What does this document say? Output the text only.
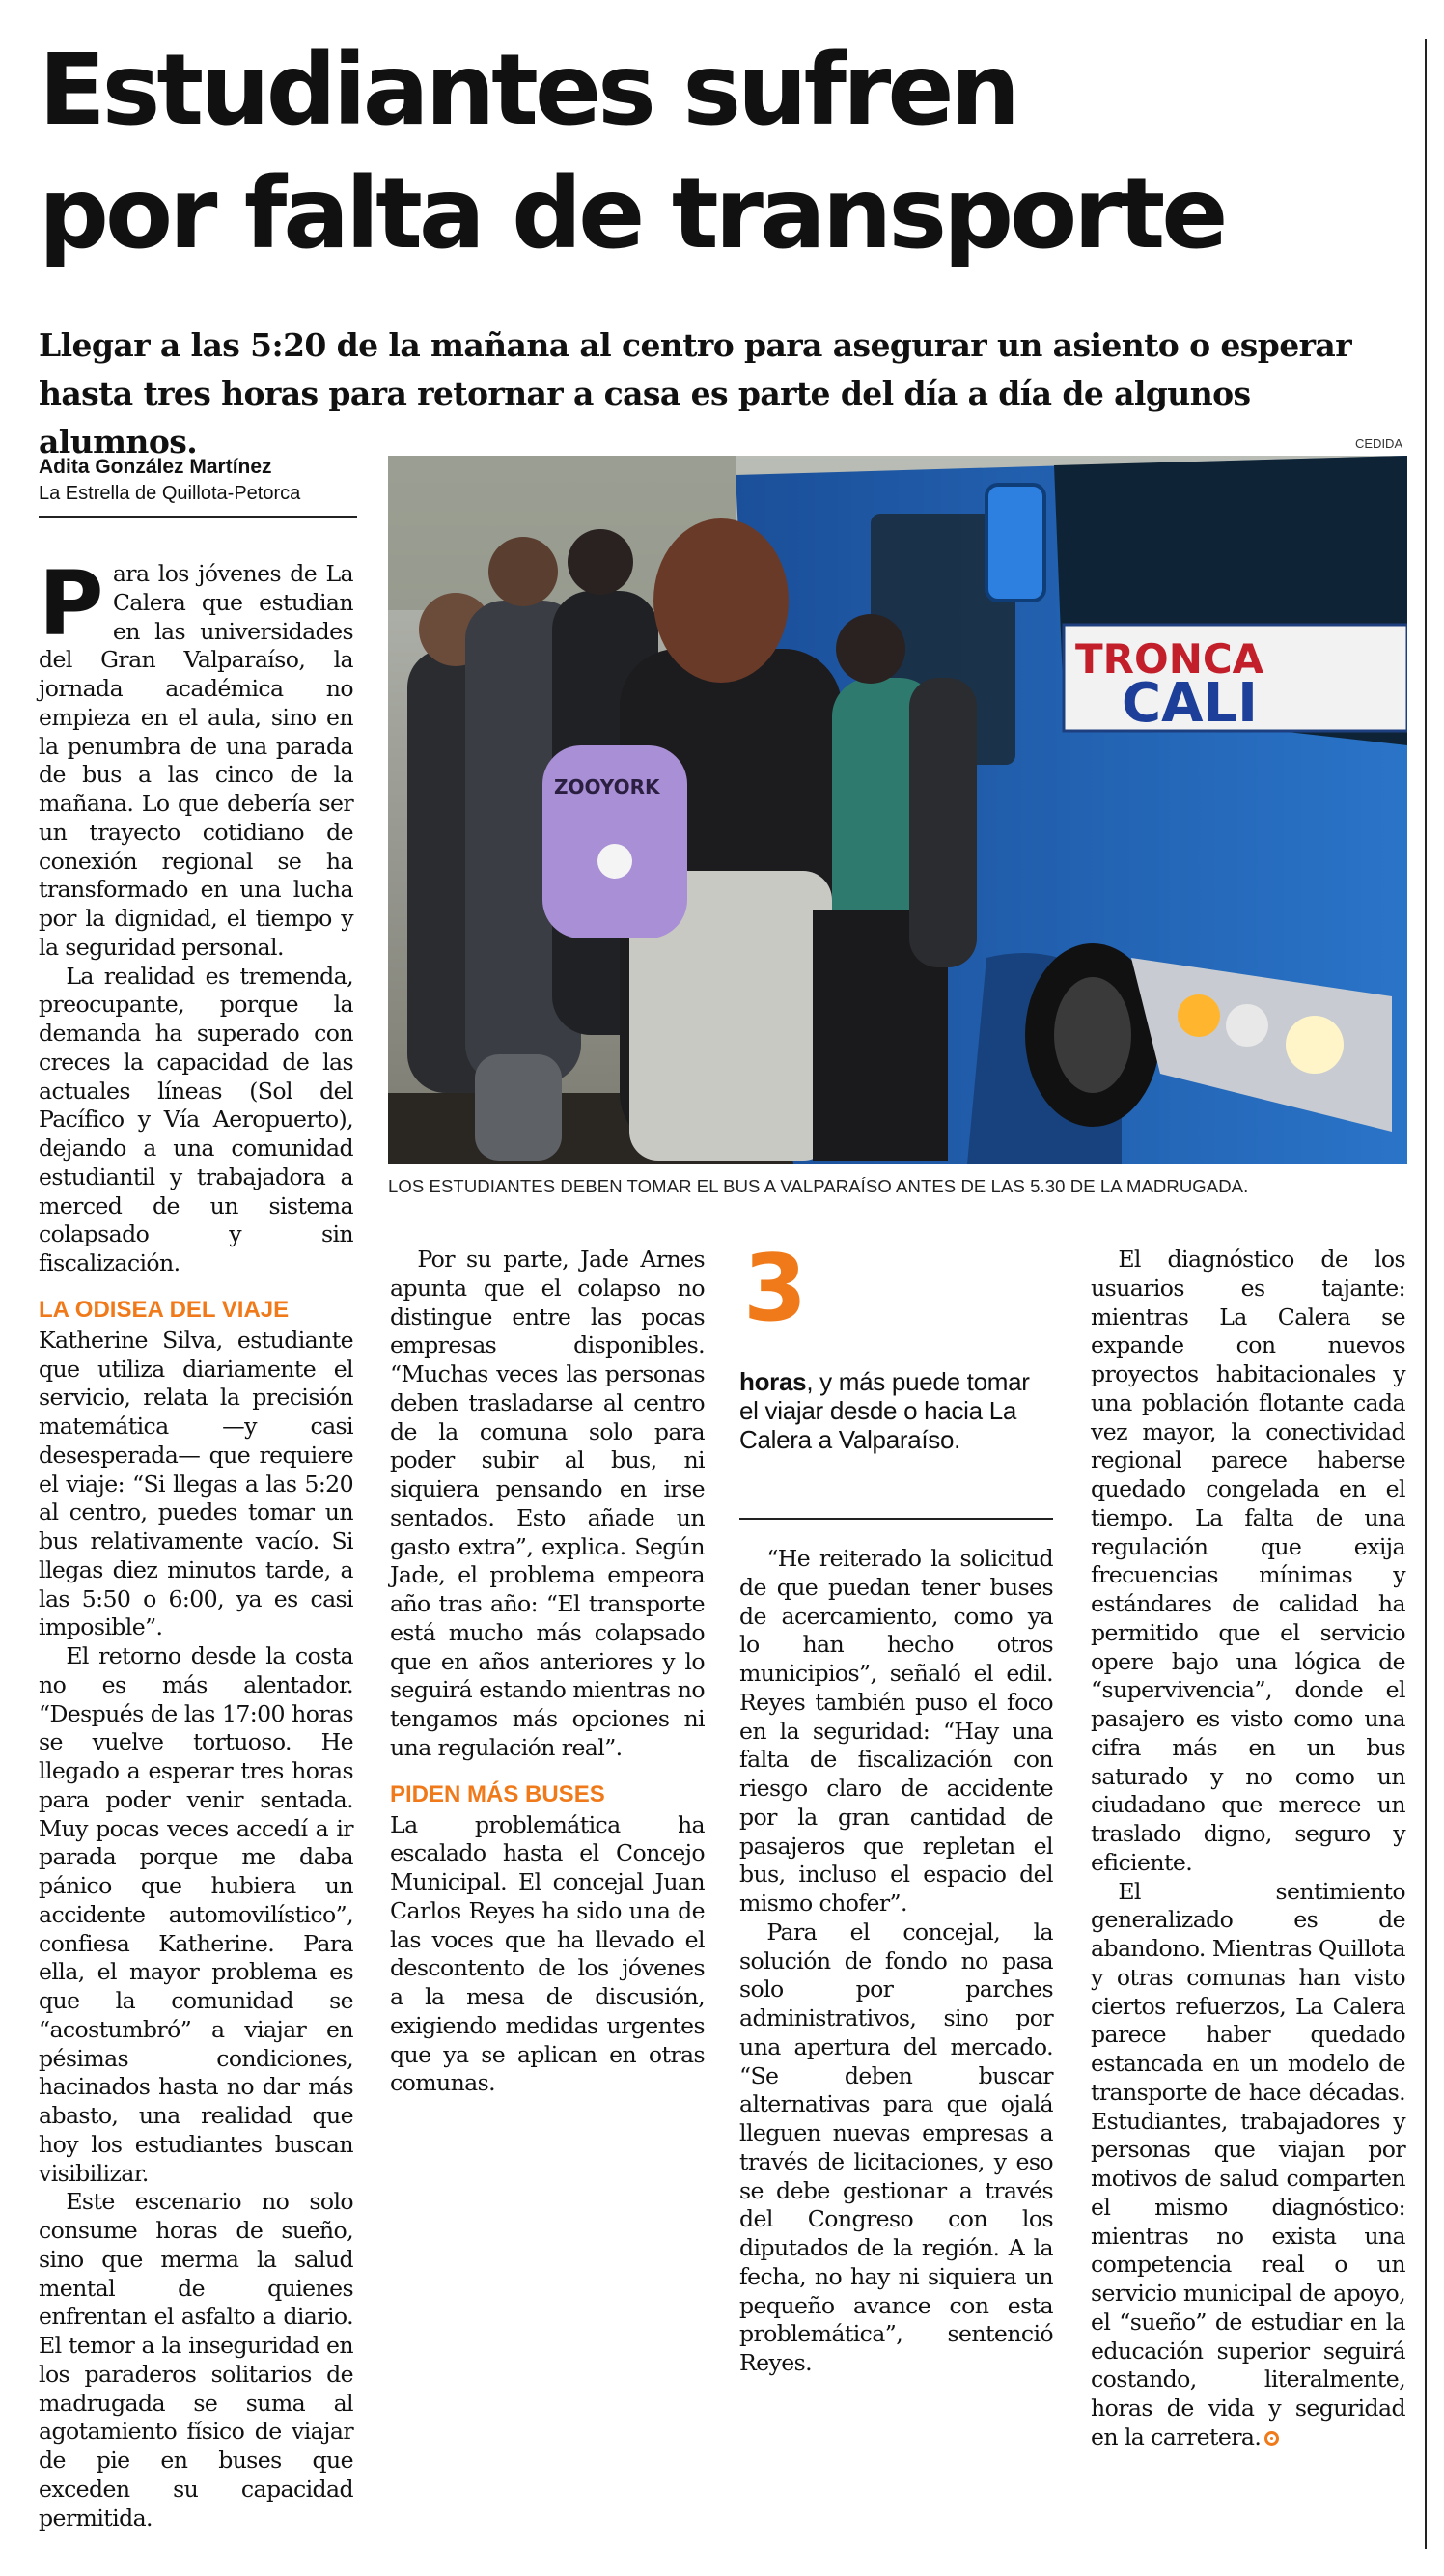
Estudiantes sufren
por falta de transporte

Llegar a las 5:20 de la mañana al centro para asegurar un asiento o esperar hasta tres horas para retornar a casa es parte del día a día de algunos alumnos.

Adita González Martínez
La Estrella de Quillota-Petorca
CEDIDA
TRONCA
CALI
ZOOYORK
LOS ESTUDIANTES DEBEN TOMAR EL BUS A VALPARAÍSO ANTES DE LAS 5.30 DE LA MADRUGADA.

Para los jóvenes de La Calera que estudian en las universidades del Gran Valparaíso, la jornada académica no empieza en el aula, sino en la penumbra de una parada de bus a las cinco de la mañana. Lo que debería ser un trayecto cotidiano de conexión regional se ha transformado en una lucha por la dignidad, el tiempo y la seguridad personal.

La realidad es tremenda, preocupante, porque la demanda ha superado con creces la capacidad de las actuales líneas (Sol del Pacífico y Vía Aeropuerto), dejando a una comunidad estudiantil y trabajadora a merced de un sistema colapsado y sin fiscalización.

LA ODISEA DEL VIAJE

Katherine Silva, estudiante que utiliza diariamente el servicio, relata la precisión matemática —y casi desesperada— que requiere el viaje: “Si llegas a las 5:20 al centro, puedes tomar un bus relativamente vacío. Si llegas diez minutos tarde, a las 5:50 o 6:00, ya es casi imposible”.

El retorno desde la costa no es más alentador. “Después de las 17:00 horas se vuelve tortuoso. He llegado a esperar tres horas para poder venir sentada. Muy pocas veces accedí a ir parada porque me daba pánico que hubiera un accidente automovilístico”, confiesa Katherine. Para ella, el mayor problema es que la comunidad se “acostumbró” a viajar en pésimas condiciones, hacinados hasta no dar más abasto, una realidad que hoy los estudiantes buscan visibilizar.

Este escenario no solo consume horas de sueño, sino que merma la salud mental de quienes enfrentan el asfalto a diario. El temor a la inseguridad en los paraderos solitarios de madrugada se suma al agotamiento físico de viajar de pie en buses que exceden su capacidad permitida.

Por su parte, Jade Arnes apunta que el colapso no distingue entre las pocas empresas disponibles. “Muchas veces las personas deben trasladarse al centro de la comuna solo para poder subir al bus, ni siquiera pensando en irse sentados. Esto añade un gasto extra”, explica. Según Jade, el problema empeora año tras año: “El transporte está mucho más colapsado que en años anteriores y lo seguirá estando mientras no tengamos más opciones ni una regulación real”.

PIDEN MÁS BUSES

La problemática ha escalado hasta el Concejo Municipal. El concejal Juan Carlos Reyes ha sido una de las voces que ha llevado el descontento de los jóvenes a la mesa de discusión, exigiendo medidas urgentes que ya se aplican en otras comunas.

3

horas, y más puede tomar el viajar desde o hacia La Calera a Valparaíso.

“He reiterado la solicitud de que puedan tener buses de acercamiento, como ya lo han hecho otros municipios”, señaló el edil. Reyes también puso el foco en la seguridad: “Hay una falta de fiscalización con riesgo claro de accidente por la gran cantidad de pasajeros que repletan el bus, incluso el espacio del mismo chofer”.

Para el concejal, la solución de fondo no pasa solo por parches administrativos, sino por una apertura del mercado. “Se deben buscar alternativas para que ojalá lleguen nuevas empresas a través de licitaciones, y eso se debe gestionar a través del Congreso con los diputados de la región. A la fecha, no hay ni siquiera un pequeño avance con esta problemática”, sentenció Reyes.

El diagnóstico de los usuarios es tajante: mientras La Calera se expande con nuevos proyectos habitacionales y una población flotante cada vez mayor, la conectividad regional parece haberse quedado congelada en el tiempo. La falta de una regulación que exija frecuencias mínimas y estándares de calidad ha permitido que el servicio opere bajo una lógica de “supervivencia”, donde el pasajero es visto como una cifra más en un bus saturado y no como un ciudadano que merece un traslado digno, seguro y eficiente.

El sentimiento generalizado es de abandono. Mientras Quillota y otras comunas han visto ciertos refuerzos, La Calera parece haber quedado estancada en un modelo de transporte de hace décadas. Estudiantes, trabajadores y personas que viajan por motivos de salud comparten el mismo diagnóstico: mientras no exista una competencia real o un servicio municipal de apoyo, el “sueño” de estudiar en la educación superior seguirá costando, literalmente, horas de vida y seguridad en la carretera.
